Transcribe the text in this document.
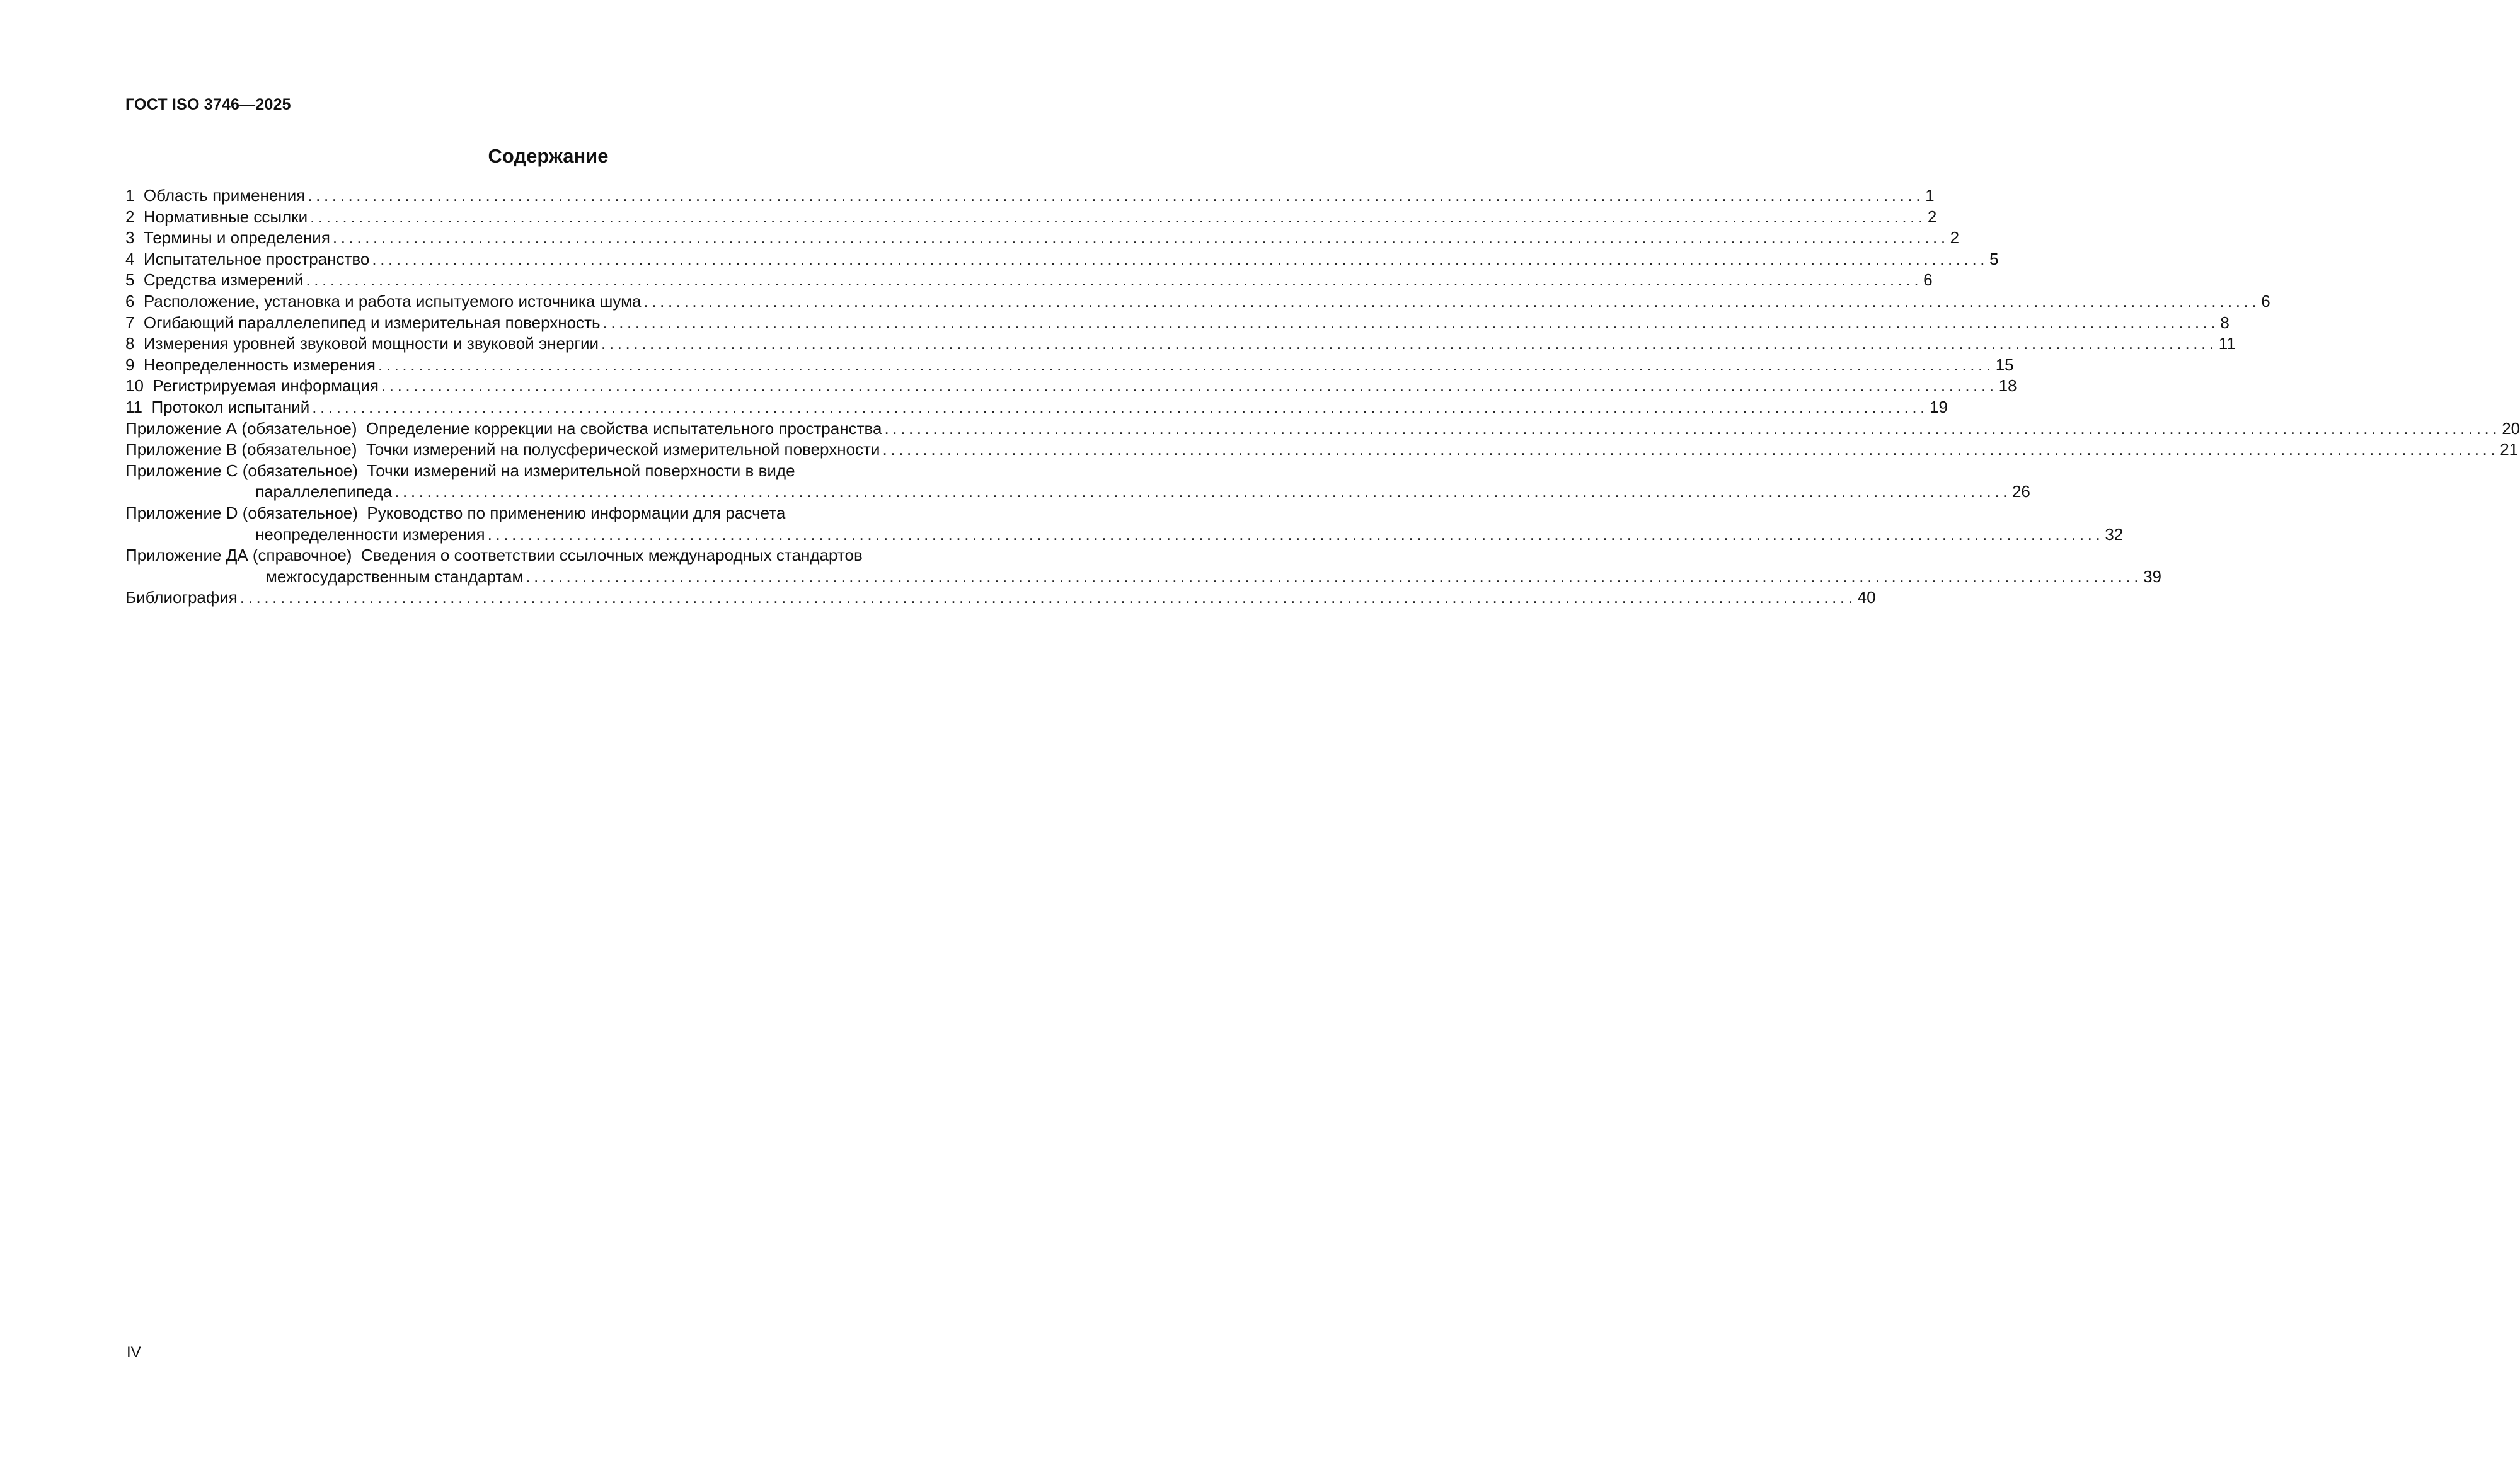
ГОСТ ISO 3746—2025
Содержание
1  Область применения ........................................................................................................................................................................................................ 1
2  Нормативные ссылки ........................................................................................................................................................................................................ 2
3  Термины и определения ........................................................................................................................................................................................................ 2
4  Испытательное пространство ........................................................................................................................................................................................................ 5
5  Средства измерений ........................................................................................................................................................................................................ 6
6  Расположение, установка и работа испытуемого источника шума ........................................................................................................................................................................................................ 6
7  Огибающий параллелепипед и измерительная поверхность ........................................................................................................................................................................................................ 8
8  Измерения уровней звуковой мощности и звуковой энергии ........................................................................................................................................................................................................ 11
9  Неопределенность измерения ........................................................................................................................................................................................................ 15
10  Регистрируемая информация ........................................................................................................................................................................................................ 18
11  Протокол испытаний ........................................................................................................................................................................................................ 19
Приложение А (обязательное)  Определение коррекции на свойства испытательного пространства ........................................................................................................................................................................................................ 20
Приложение В (обязательное)  Точки измерений на полусферической измерительной поверхности ........................................................................................................................................................................................................ 21
Приложение С (обязательное)  Точки измерений на измерительной поверхности в виде
параллелепипеда ........................................................................................................................................................................................................ 26
Приложение D (обязательное)  Руководство по применению информации для расчета
неопределенности измерения ........................................................................................................................................................................................................ 32
Приложение ДА (справочное)  Сведения о соответствии ссылочных международных стандартов
межгосударственным стандартам ........................................................................................................................................................................................................ 39
Библиография ........................................................................................................................................................................................................ 40
IV
